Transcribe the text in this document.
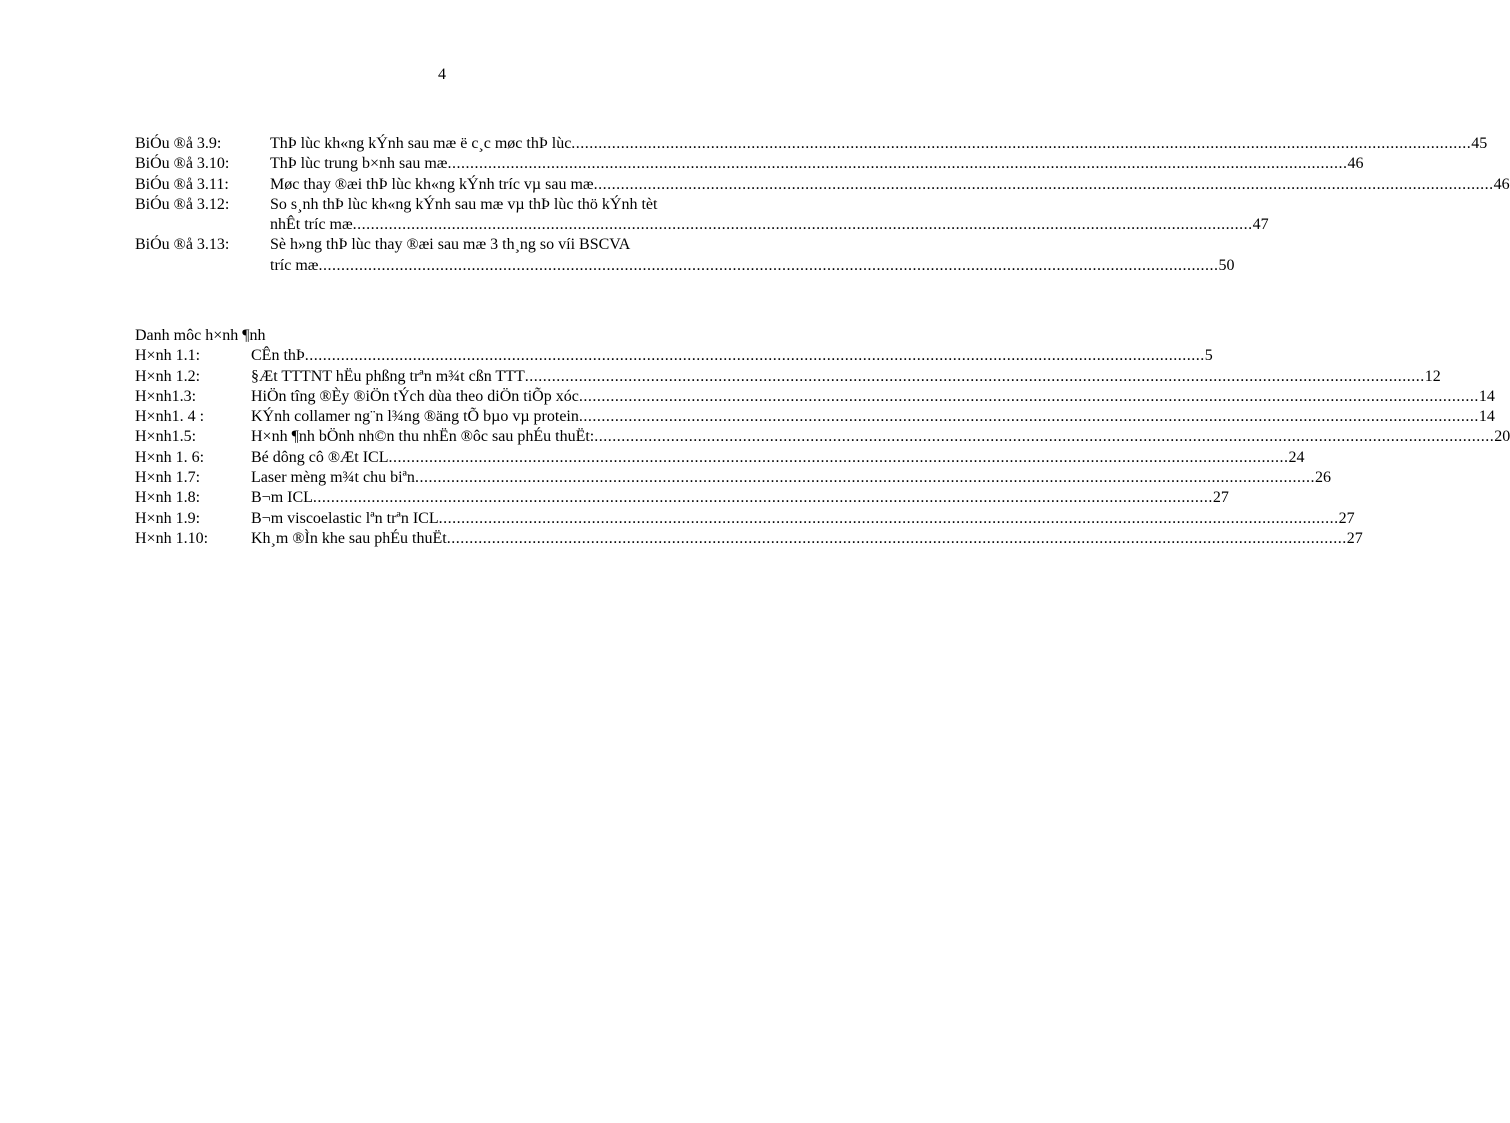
4
BiÓu ®å 3.9:	ThÞ lùc kh«ng kÝnh sau mæ ë c¸c møc thÞ lùc ........................................................................................................................................................................................................ 45
BiÓu ®å 3.10:	ThÞ lùc trung b×nh sau mæ ........................................................................................................................................................................................................ 46
BiÓu ®å 3.11:	Møc thay ®æi thÞ lùc kh«ng kÝnh tríc vµ sau mæ ........................................................................................................................................................................................................ 46
BiÓu ®å 3.12:	So s¸nh thÞ lùc kh«ng kÝnh sau mæ vµ thÞ lùc thö kÝnh tèt
nhÊt tríc mæ ........................................................................................................................................................................................................ 47
BiÓu ®å 3.13:	Sè h»ng thÞ lùc thay ®æi sau mæ 3 th¸ng so víi BSCVA
tríc mæ ........................................................................................................................................................................................................ 50
Danh môc h×nh ¶nh
H×nh 1.1:	CÊn thÞ ........................................................................................................................................................................................................ 5
H×nh 1.2:	§Æt TTTNT hËu phßng trªn m¾t cßn TTT ........................................................................................................................................................................................................ 12
H×nh1.3:	HiÖn tîng ®Èy ®iÖn tÝch dùa theo diÖn tiÕp xóc ........................................................................................................................................................................................................ 14
H×nh1. 4 :	KÝnh collamer ng¨n l¾ng ®äng tÕ bµo vµ protein ........................................................................................................................................................................................................ 14
H×nh1.5:	H×nh ¶nh bÖnh nh©n thu nhËn ®ôc sau phÉu thuËt: ........................................................................................................................................................................................................ 20
H×nh 1. 6:	Bé dông cô ®Æt ICL ........................................................................................................................................................................................................ 24
H×nh 1.7:	Laser mèng m¾t chu biªn ........................................................................................................................................................................................................ 26
H×nh 1.8:	B¬m ICL ........................................................................................................................................................................................................ 27
H×nh 1.9:	B¬m viscoelastic lªn trªn ICL ........................................................................................................................................................................................................ 27
H×nh 1.10:	Kh¸m ®Ìn khe sau phÉu thuËt ........................................................................................................................................................................................................ 27
